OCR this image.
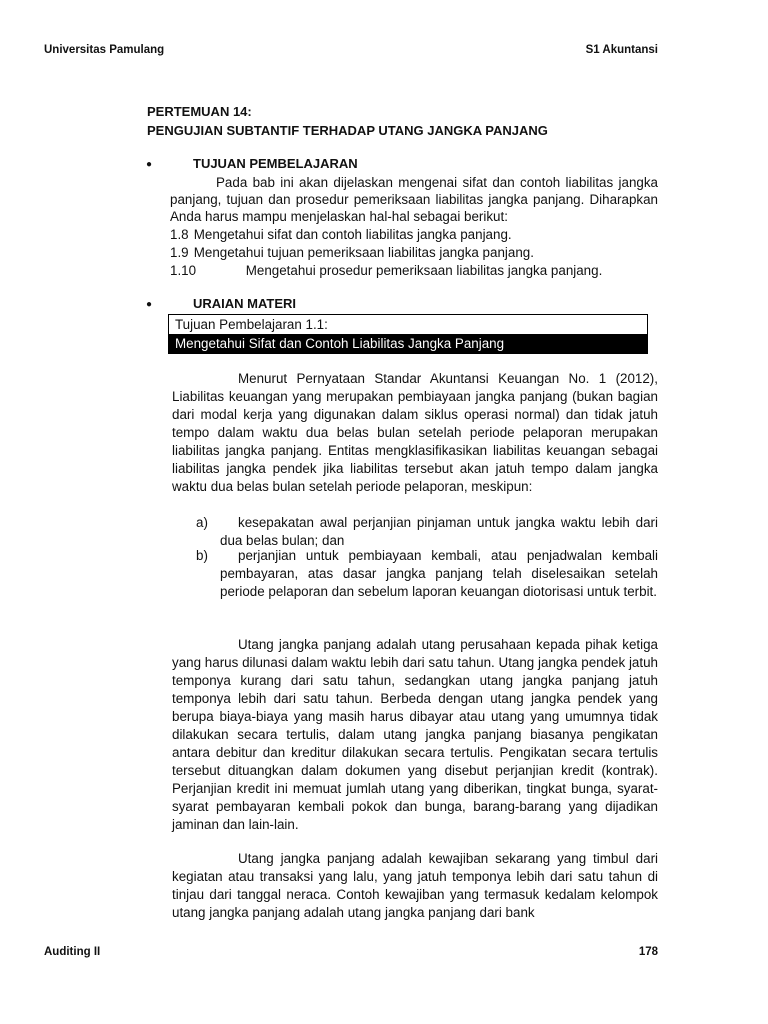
Universitas Pamulang	S1 Akuntansi
PERTEMUAN 14:
PENGUJIAN SUBTANTIF TERHADAP UTANG JANGKA PANJANG
●	TUJUAN PEMBELAJARAN
Pada bab ini akan dijelaskan mengenai sifat dan contoh liabilitas jangka panjang, tujuan dan prosedur pemeriksaan liabilitas jangka panjang. Diharapkan Anda harus mampu menjelaskan hal-hal sebagai berikut:
1.8 Mengetahui sifat dan contoh liabilitas jangka panjang.
1.9 Mengetahui tujuan pemeriksaan liabilitas jangka panjang.
1.10	Mengetahui prosedur pemeriksaan liabilitas jangka panjang.
●	URAIAN MATERI
Tujuan Pembelajaran 1.1:
Mengetahui Sifat dan Contoh Liabilitas Jangka Panjang
Menurut Pernyataan Standar Akuntansi Keuangan No. 1 (2012), Liabilitas keuangan yang merupakan pembiayaan jangka panjang (bukan bagian dari modal kerja yang digunakan dalam siklus operasi normal) dan tidak jatuh tempo dalam waktu dua belas bulan setelah periode pelaporan merupakan liabilitas jangka panjang. Entitas mengklasifikasikan liabilitas keuangan sebagai liabilitas jangka pendek jika liabilitas tersebut akan jatuh tempo dalam jangka waktu dua belas bulan setelah periode pelaporan, meskipun:
a)	kesepakatan awal perjanjian pinjaman untuk jangka waktu lebih dari dua belas bulan; dan
b)	perjanjian untuk pembiayaan kembali, atau penjadwalan kembali pembayaran, atas dasar jangka panjang telah diselesaikan setelah periode pelaporan dan sebelum laporan keuangan diotorisasi untuk terbit.
Utang jangka panjang adalah utang perusahaan kepada pihak ketiga yang harus dilunasi dalam waktu lebih dari satu tahun. Utang jangka pendek jatuh temponya kurang dari satu tahun, sedangkan utang jangka panjang jatuh temponya lebih dari satu tahun. Berbeda dengan utang jangka pendek yang berupa biaya-biaya yang masih harus dibayar atau utang yang umumnya tidak dilakukan secara tertulis, dalam utang jangka panjang biasanya pengikatan antara debitur dan kreditur dilakukan secara tertulis. Pengikatan secara tertulis tersebut dituangkan dalam dokumen yang disebut perjanjian kredit (kontrak). Perjanjian kredit ini memuat jumlah utang yang diberikan, tingkat bunga, syarat-syarat pembayaran kembali pokok dan bunga, barang-barang yang dijadikan jaminan dan lain-lain.
Utang jangka panjang adalah kewajiban sekarang yang timbul dari kegiatan atau transaksi yang lalu, yang jatuh temponya lebih dari satu tahun di tinjau dari tanggal neraca. Contoh kewajiban yang termasuk kedalam kelompok utang jangka panjang adalah utang jangka panjang dari bank
Auditing II	178
